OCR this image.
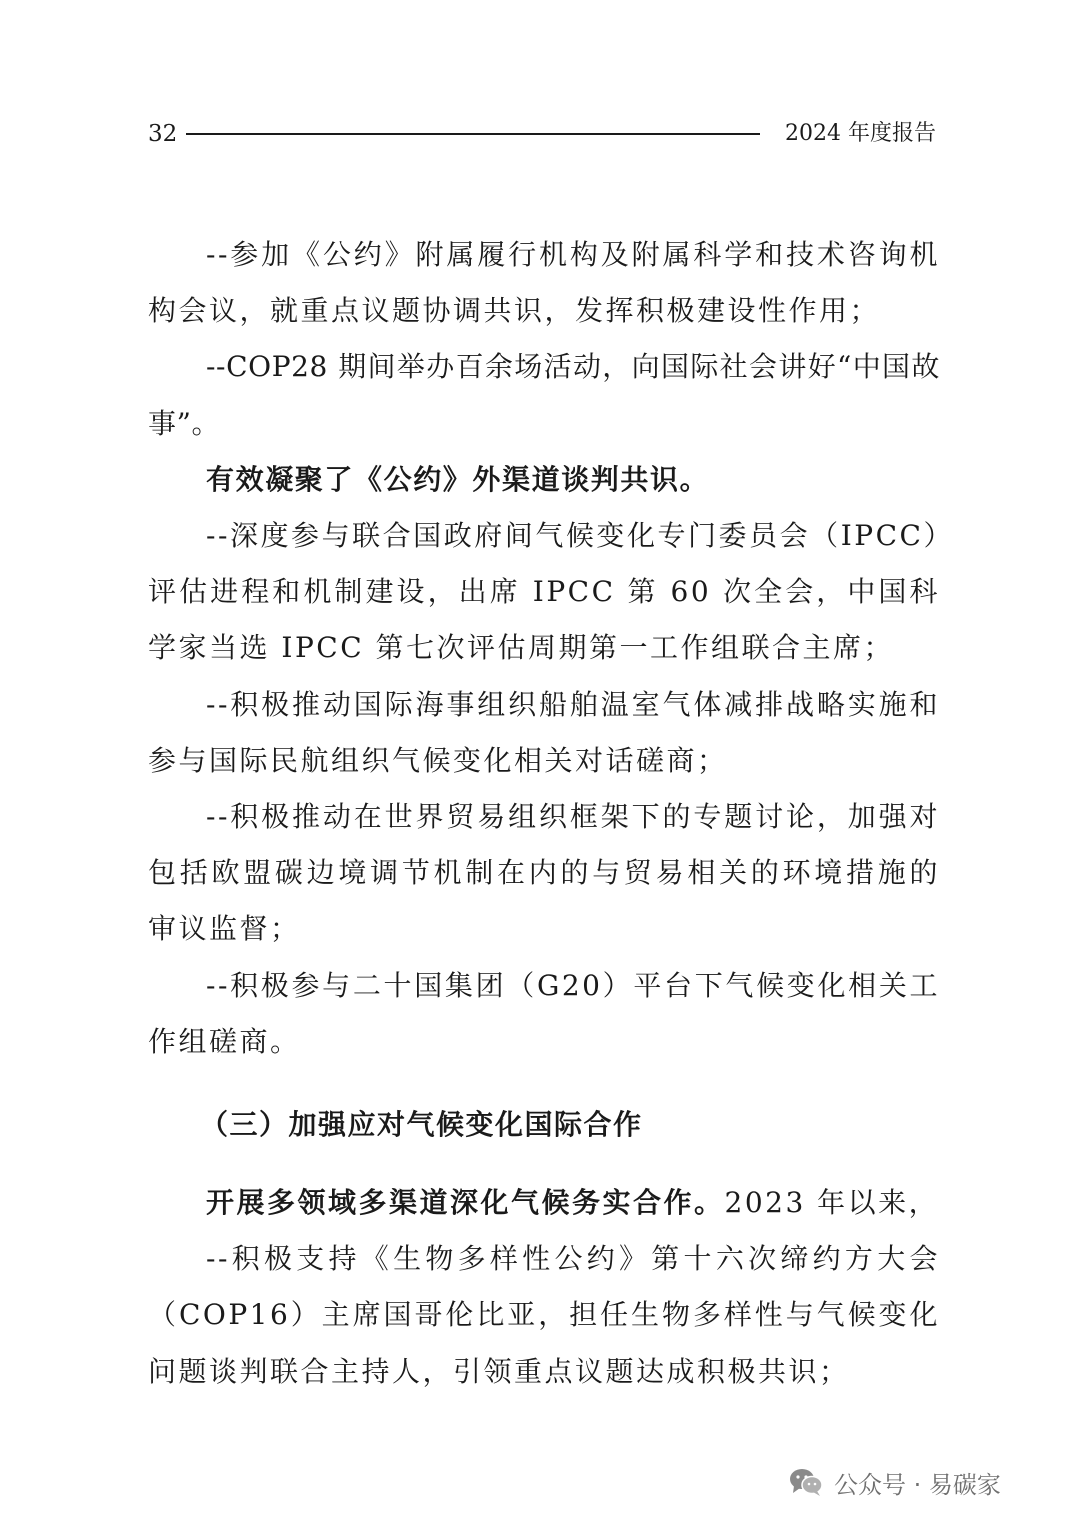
32	2024 年度报告

--参加《公约》附属履行机构及附属科学和技术咨询机构会议，就重点议题协调共识，发挥积极建设性作用；

--COP28 期间举办百余场活动，向国际社会讲好“中国故事”。

有效凝聚了《公约》外渠道谈判共识。

--深度参与联合国政府间气候变化专门委员会（IPCC）评估进程和机制建设，出席 IPCC 第 60 次全会，中国科学家当选 IPCC 第七次评估周期第一工作组联合主席；

--积极推动国际海事组织船舶温室气体减排战略实施和参与国际民航组织气候变化相关对话磋商；

--积极推动在世界贸易组织框架下的专题讨论，加强对包括欧盟碳边境调节机制在内的与贸易相关的环境措施的审议监督；

--积极参与二十国集团（G20）平台下气候变化相关工作组磋商。

（三）加强应对气候变化国际合作

开展多领域多渠道深化气候务实合作。2023 年以来，

--积极支持《生物多样性公约》第十六次缔约方大会（COP16）主席国哥伦比亚，担任生物多样性与气候变化问题谈判联合主持人，引领重点议题达成积极共识；

公众号 · 易碳家
